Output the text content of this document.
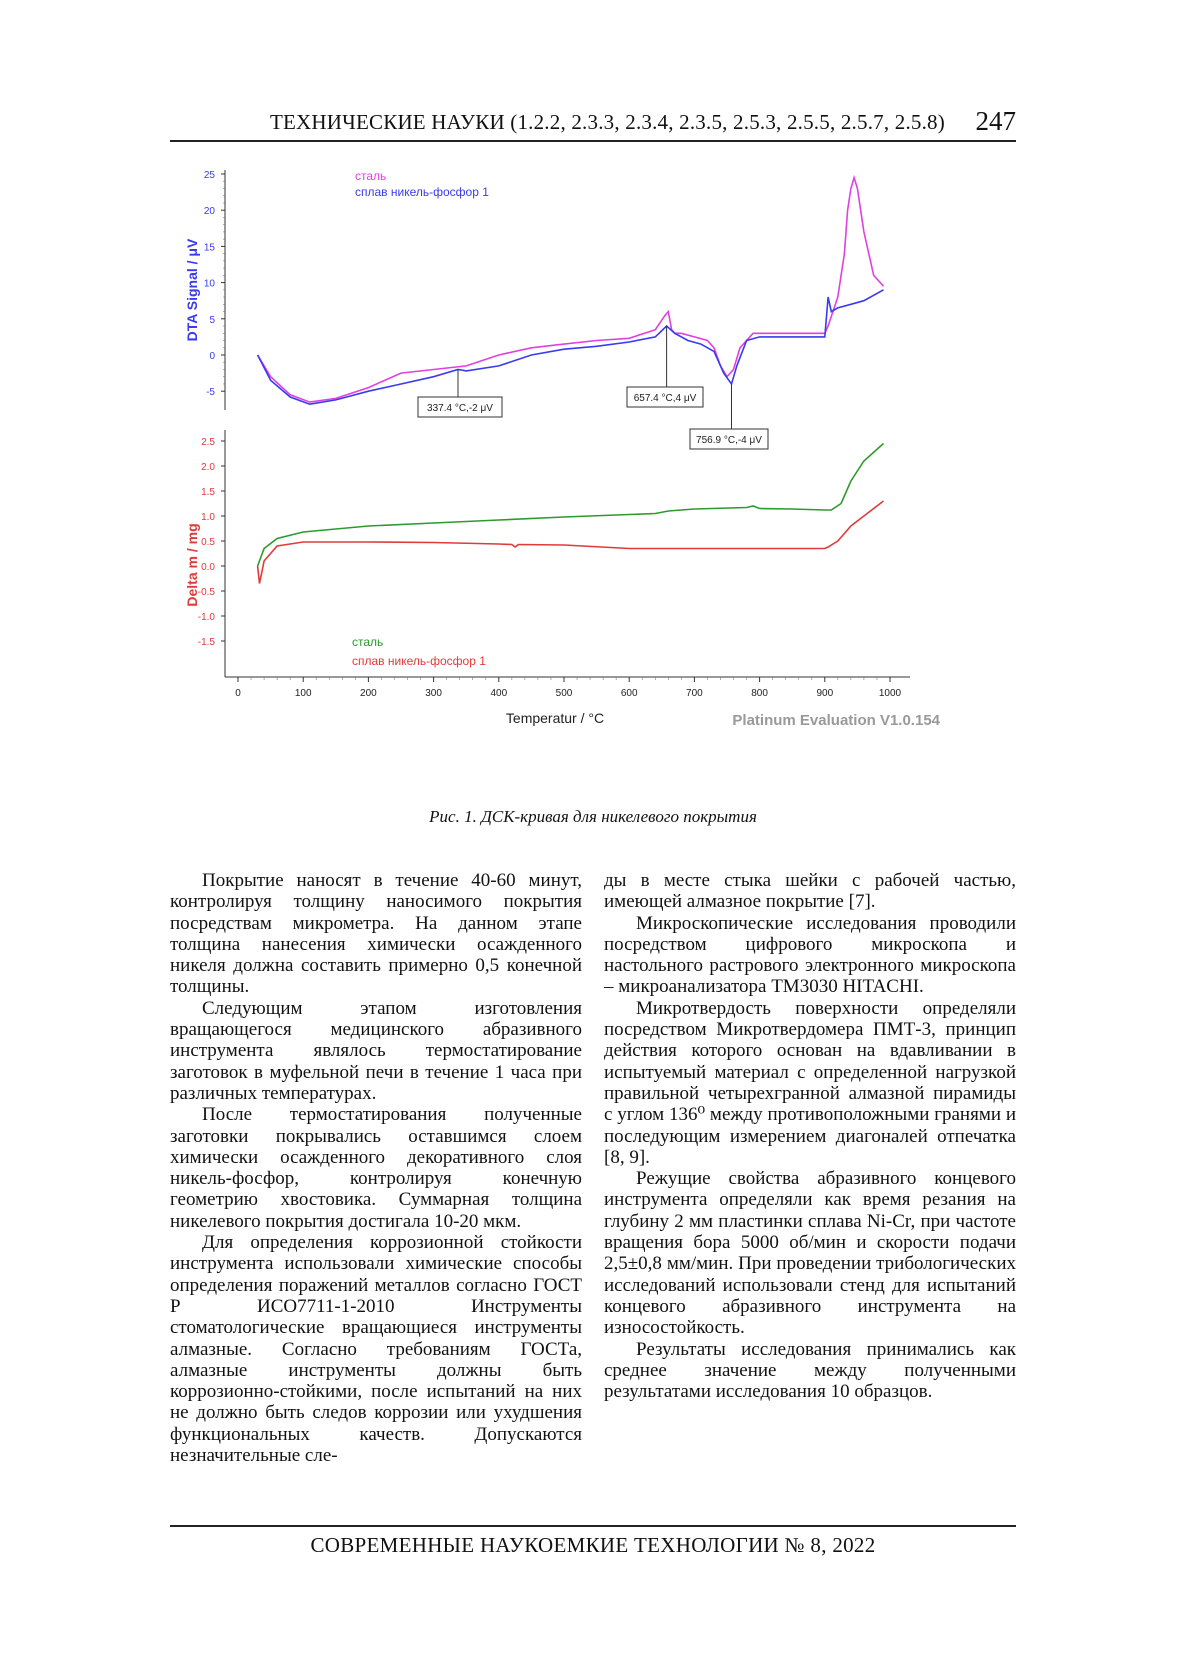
ТЕХНИЧЕСКИЕ НАУКИ (1.2.2, 2.3.3, 2.3.4, 2.3.5, 2.5.3, 2.5.5, 2.5.7, 2.5.8) 247
25
20
15
10
5
0
-5
DTA Signal / μV
сталь
сплав никель-фосфор 1
337.4 °C,-2 μV
657.4 °C,4 μV
756.9 °C,-4 μV
2.5
2.0
1.5
1.0
0.5
0.0
-0.5
-1.0
-1.5
Delta m / mg
сталь
сплав никель-фосфор 1
0	100	200	300	400	500	600	700	800	900	1000
Temperatur / °C	Platinum Evaluation V1.0.154
Рис. 1. ДСК-кривая для никелевого покрытия

Покрытие наносят в течение 40-60 минут, контролируя толщину наносимого покрытия посредствам микрометра. На данном этапе толщина нанесения химически осажденного никеля должна составить примерно 0,5 конечной толщины.

Следующим этапом изготовления вращающегося медицинского абразивного инструмента являлось термостатирование заготовок в муфельной печи в течение 1 часа при различных температурах.

После термостатирования полученные заготовки покрывались оставшимся слоем химически осажденного декоративного слоя никель-фосфор, контролируя конечную геометрию хвостовика. Суммарная толщина никелевого покрытия достигала 10-20 мкм.

Для определения коррозионной стойкости инструмента использовали химические способы определения поражений металлов согласно ГОСТ Р ИСО7711-1-2010 Инструменты стоматологические вращающиеся инструменты алмазные. Согласно требованиям ГОСТа, алмазные инструменты должны быть коррозионно-стойкими, после испытаний на них не должно быть следов коррозии или ухудшения функциональных качеств. Допускаются незначительные сле-

ды в месте стыка шейки с рабочей частью, имеющей алмазное покрытие [7].

Микроскопические исследования проводили посредством цифрового микроскопа и настольного растрового электронного микроскопа – микроанализатора TM3030 HITACHI.

Микротвердость поверхности определяли посредством Микротвердомера ПМТ-3, принцип действия которого основан на вдавливании в испытуемый материал с определенной нагрузкой правильной четырехгранной алмазной пирамиды с углом 136⁰ между противоположными гранями и последующим измерением диагоналей отпечатка [8, 9].

Режущие свойства абразивного концевого инструмента определяли как время резания на глубину 2 мм пластинки сплава Ni-Cr, при частоте вращения бора 5000 об/мин и скорости подачи 2,5±0,8 мм/мин. При проведении трибологических исследований использовали стенд для испытаний концевого абразивного инструмента на износостойкость.

Результаты исследования принимались как среднее значение между полученными результатами исследования 10 образцов.

СОВРЕМЕННЫЕ НАУКОЕМКИЕ ТЕХНОЛОГИИ № 8, 2022
